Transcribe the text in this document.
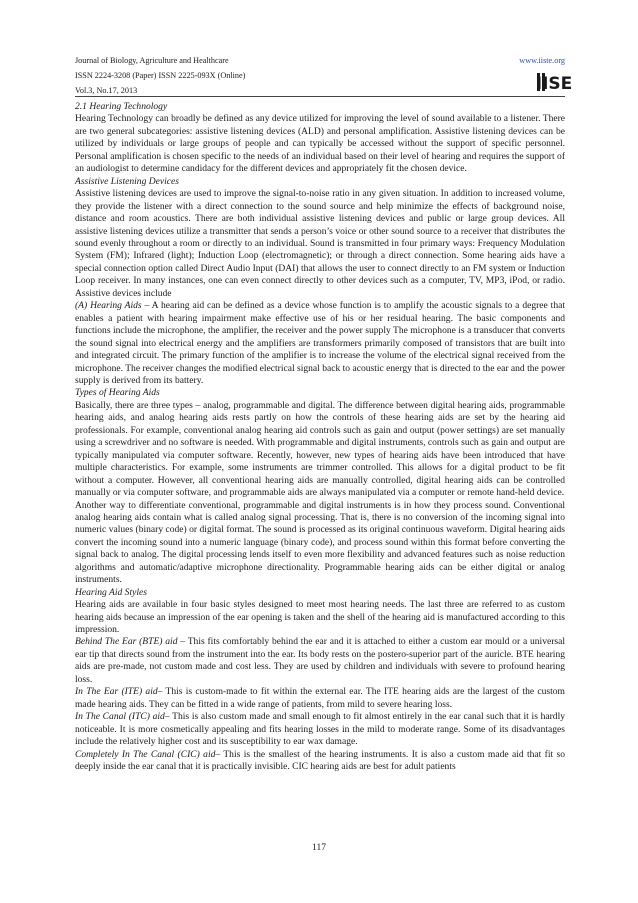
Journal of Biology, Agriculture and Healthcare
ISSN 2224-3208 (Paper) ISSN 2225-093X (Online)
Vol.3, No.17, 2013
www.iiste.org
IISE

2.1 Hearing Technology

Hearing Technology can broadly be defined as any device utilized for improving the level of sound available to a listener. There are two general subcategories: assistive listening devices (ALD) and personal amplification. Assistive listening devices can be utilized by individuals or large groups of people and can typically be accessed without the support of specific personnel. Personal amplification is chosen specific to the needs of an individual based on their level of hearing and requires the support of an audiologist to determine candidacy for the different devices and appropriately fit the chosen device.

Assistive Listening Devices

Assistive listening devices are used to improve the signal-to-noise ratio in any given situation. In addition to increased volume, they provide the listener with a direct connection to the sound source and help minimize the effects of background noise, distance and room acoustics. There are both individual assistive listening devices and public or large group devices. All assistive listening devices utilize a transmitter that sends a person’s voice or other sound source to a receiver that distributes the sound evenly throughout a room or directly to an individual. Sound is transmitted in four primary ways: Frequency Modulation System (FM); Infrared (light); Induction Loop (electromagnetic); or through a direct connection. Some hearing aids have a special connection option called Direct Audio Input (DAI) that allows the user to connect directly to an FM system or Induction Loop receiver. In many instances, one can even connect directly to other devices such as a computer, TV, MP3, iPod, or radio. Assistive devices include

(A) Hearing Aids – A hearing aid can be defined as a device whose function is to amplify the acoustic signals to a degree that enables a patient with hearing impairment make effective use of his or her residual hearing. The basic components and functions include the microphone, the amplifier, the receiver and the power supply The microphone is a transducer that converts the sound signal into electrical energy and the amplifiers are transformers primarily composed of transistors that are built into and integrated circuit. The primary function of the amplifier is to increase the volume of the electrical signal received from the microphone. The receiver changes the modified electrical signal back to acoustic energy that is directed to the ear and the power supply is derived from its battery.

Types of Hearing Aids

Basically, there are three types – analog, programmable and digital. The difference between digital hearing aids, programmable hearing aids, and analog hearing aids rests partly on how the controls of these hearing aids are set by the hearing aid professionals. For example, conventional analog hearing aid controls such as gain and output (power settings) are set manually using a screwdriver and no software is needed. With programmable and digital instruments, controls such as gain and output are typically manipulated via computer software. Recently, however, new types of hearing aids have been introduced that have multiple characteristics. For example, some instruments are trimmer controlled. This allows for a digital product to be fit without a computer. However, all conventional hearing aids are manually controlled, digital hearing aids can be controlled manually or via computer software, and programmable aids are always manipulated via a computer or remote hand-held device.

Another way to differentiate conventional, programmable and digital instruments is in how they process sound. Conventional analog hearing aids contain what is called analog signal processing. That is, there is no conversion of the incoming signal into numeric values (binary code) or digital format. The sound is processed as its original continuous waveform. Digital hearing aids convert the incoming sound into a numeric language (binary code), and process sound within this format before converting the signal back to analog. The digital processing lends itself to even more flexibility and advanced features such as noise reduction algorithms and automatic/adaptive microphone directionality. Programmable hearing aids can be either digital or analog instruments.

Hearing Aid Styles

Hearing aids are available in four basic styles designed to meet most hearing needs. The last three are referred to as custom hearing aids because an impression of the ear opening is taken and the shell of the hearing aid is manufactured according to this impression.

Behind The Ear (BTE) aid – This fits comfortably behind the ear and it is attached to either a custom ear mould or a universal ear tip that directs sound from the instrument into the ear. Its body rests on the postero-superior part of the auricle. BTE hearing aids are pre-made, not custom made and cost less. They are used by children and individuals with severe to profound hearing loss.

In The Ear (ITE) aid– This is custom-made to fit within the external ear. The ITE hearing aids are the largest of the custom made hearing aids. They can be fitted in a wide range of patients, from mild to severe hearing loss.

In The Canal (ITC) aid– This is also custom made and small enough to fit almost entirely in the ear canal such that it is hardly noticeable. It is more cosmetically appealing and fits hearing losses in the mild to moderate range. Some of its disadvantages include the relatively higher cost and its susceptibility to ear wax damage.

Completely In The Canal (CIC) aid– This is the smallest of the hearing instruments. It is also a custom made aid that fit so deeply inside the ear canal that it is practically invisible. CIC hearing aids are best for adult patients

117
